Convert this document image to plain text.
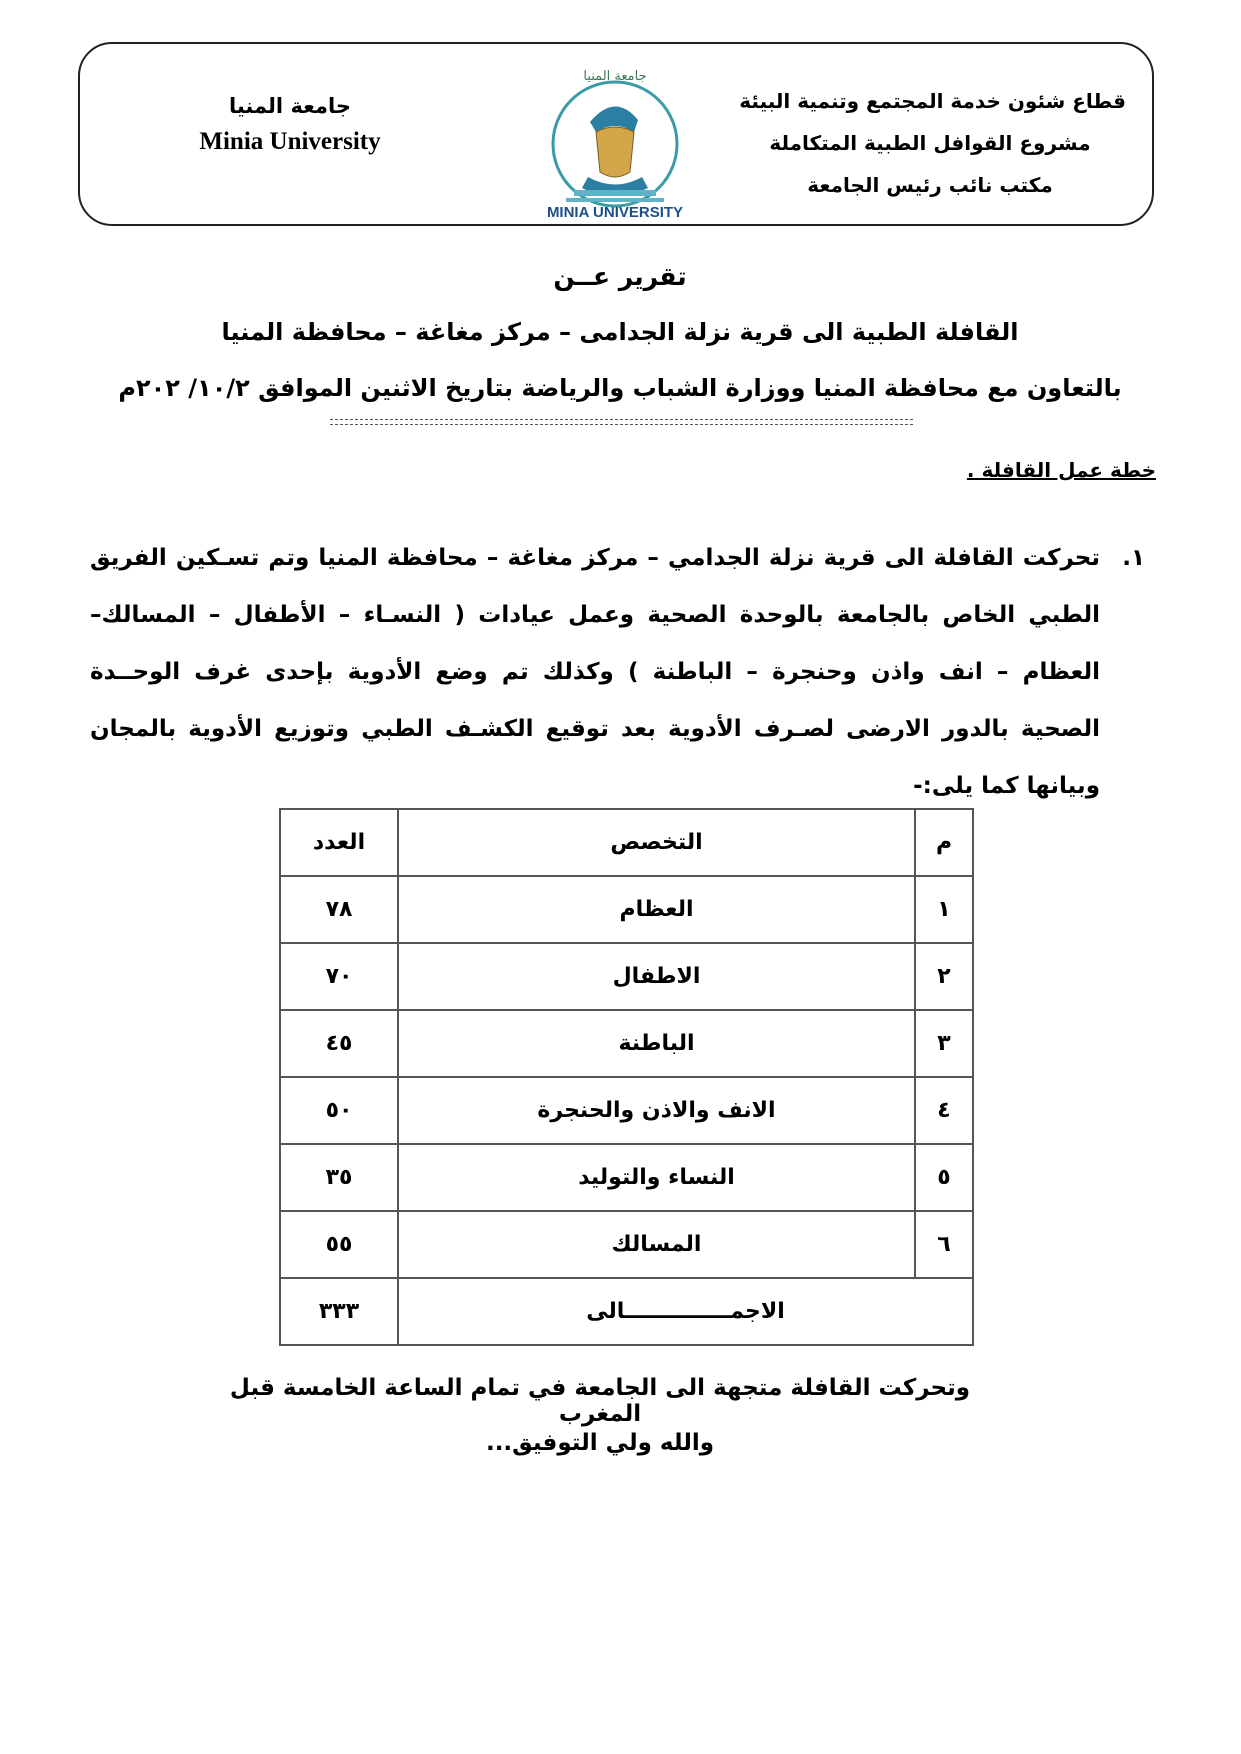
قطاع شئون خدمة المجتمع وتنمية البيئة
مشروع القوافل الطبية المتكاملة
مكتب نائب رئيس الجامعة
MINIA UNIVERSITY
جامعة المنيا
جامعة المنيا
Minia University
تقرير عــن
القافلة الطبية الى قرية نزلة الجدامى – مركز مغاغة – محافظة المنيا
بالتعاون مع محافظة المنيا ووزارة الشباب والرياضة بتاريخ الاثنين الموافق ١٠/٢/ ٢٠٢م
خطة عمل القافلة .
١.
تحركت القافلة الى قرية نزلة الجدامي – مركز مغاغة – محافظة المنيا وتم تسـكين الفريق الطبي الخاص بالجامعة بالوحدة الصحية وعمل عيادات ( النسـاء – الأطفال – المسالك– العظام – انف واذن وحنجرة – الباطنة ) وكذلك تم وضع الأدوية بإحدى غرف الوحــدة الصحية بالدور الارضى لصـرف الأدوية بعد توقيع الكشـف الطبي وتوزيع الأدوية بالمجان وبيانها كما يلى:-
م	التخصص	العدد
١	العظام	٧٨
٢	الاطفال	٧٠
٣	الباطنة	٤٥
٤	الانف والاذن والحنجرة	٥٠
٥	النساء والتوليد	٣٥
٦	المسالك	٥٥
الاجمــــــــــــــالى		٣٣٣
وتحركت القافلة متجهة الى الجامعة في تمام الساعة الخامسة قبل المغرب
والله ولي التوفيق...
